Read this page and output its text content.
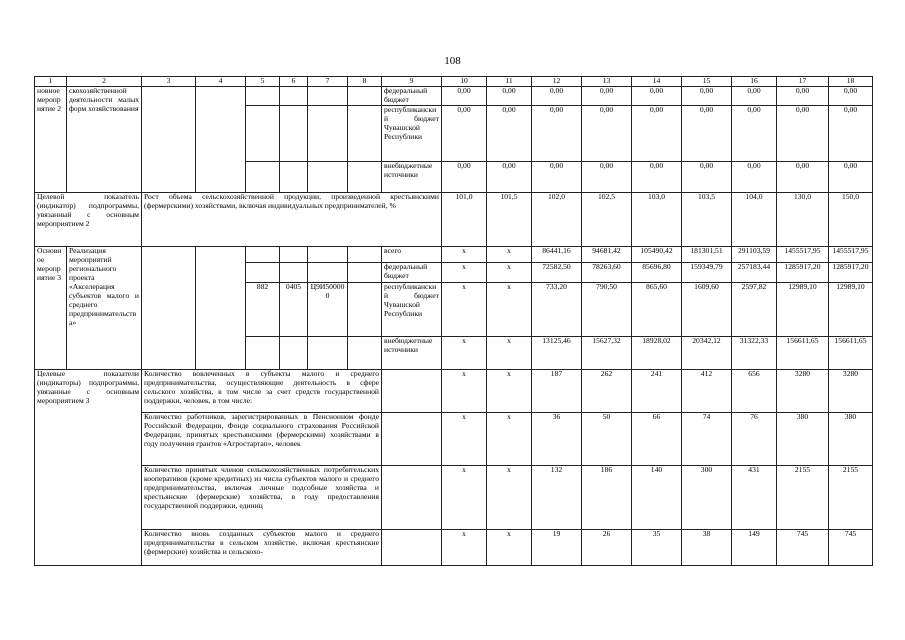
108
1	2	3	4	5	6	7	8	9	10	11	12	13	14	15	16	17	18
новное мероприятие 2	скохозяйственной деятельности малых форм хозяйствования							федеральный бюджет	0,00	0,00	0,00	0,00	0,00	0,00	0,00	0,00	0,00
								республиканский бюджет Чувашской Республики	0,00	0,00	0,00	0,00	0,00	0,00	0,00	0,00	0,00
								внебюджетные источники	0,00	0,00	0,00	0,00	0,00	0,00	0,00	0,00	0,00
Целевой показатель (индикатор) подпрограммы, увязанный с основным мероприятием 2		Рост объема сельскохозяйственной продукции, произведенной крестьянскими (фермерскими) хозяйствами, включая индивидуальных предпринимателей, %							101,0	101,5	102,0	102,5	103,0	103,5	104,0	130,0	150,0
Основное мероприятие 3	Реализация мероприятий регионального проекта «Акселерация субъектов малого и среднего предпринимательства»							всего	x	x	86441,16	94681,42	105490,42	181301,51	291103,59	1455517,95	1455517,95
								федеральный бюджет	x	x	72582,50	78263,60	85696,80	159349,79	257183,44	1285917,20	1285917,20
				882	0405	Ц9И500000		республиканский бюджет Чувашской Республики	x	x	733,20	790,50	865,60	1609,60	2597,82	12989,10	12989,10
								внебюджетные источники	x	x	13125,46	15627,32	18928,02	20342,12	31322,33	156611,65	156611,65
Целевые показатели (индикаторы) подпрограммы, увязанные с основным мероприятием 3		Количество вовлеченных в субъекты малого и среднего предпринимательства, осуществляющие деятельность в сфере сельского хозяйства, в том числе за счет средств государственной поддержки, человек, в том числе:							x	x	187	262	241	412	656	3280	3280
		Количество работников, зарегистрированных в Пенсионном фонде Российской Федерации, Фонде социального страхования Российской Федерации, принятых крестьянскими (фермерскими) хозяйствами в году получения грантов «Агростартап», человек							x	x	36	50	66	74	76	380	380
		Количество принятых членов сельскохозяйственных потребительских кооперативов (кроме кредитных) из числа субъектов малого и среднего предпринимательства, включая личные подсобные хозяйства и крестьянские (фермерские) хозяйства, в году предоставления государственной поддержки, единиц							x	x	132	186	140	300	431	2155	2155
		Количество вновь созданных субъектов малого и среднего предпринимательства в сельском хозяйстве, включая крестьянские (фермерские) хозяйства и сельскохо-							x	x	19	26	35	38	149	745	745
